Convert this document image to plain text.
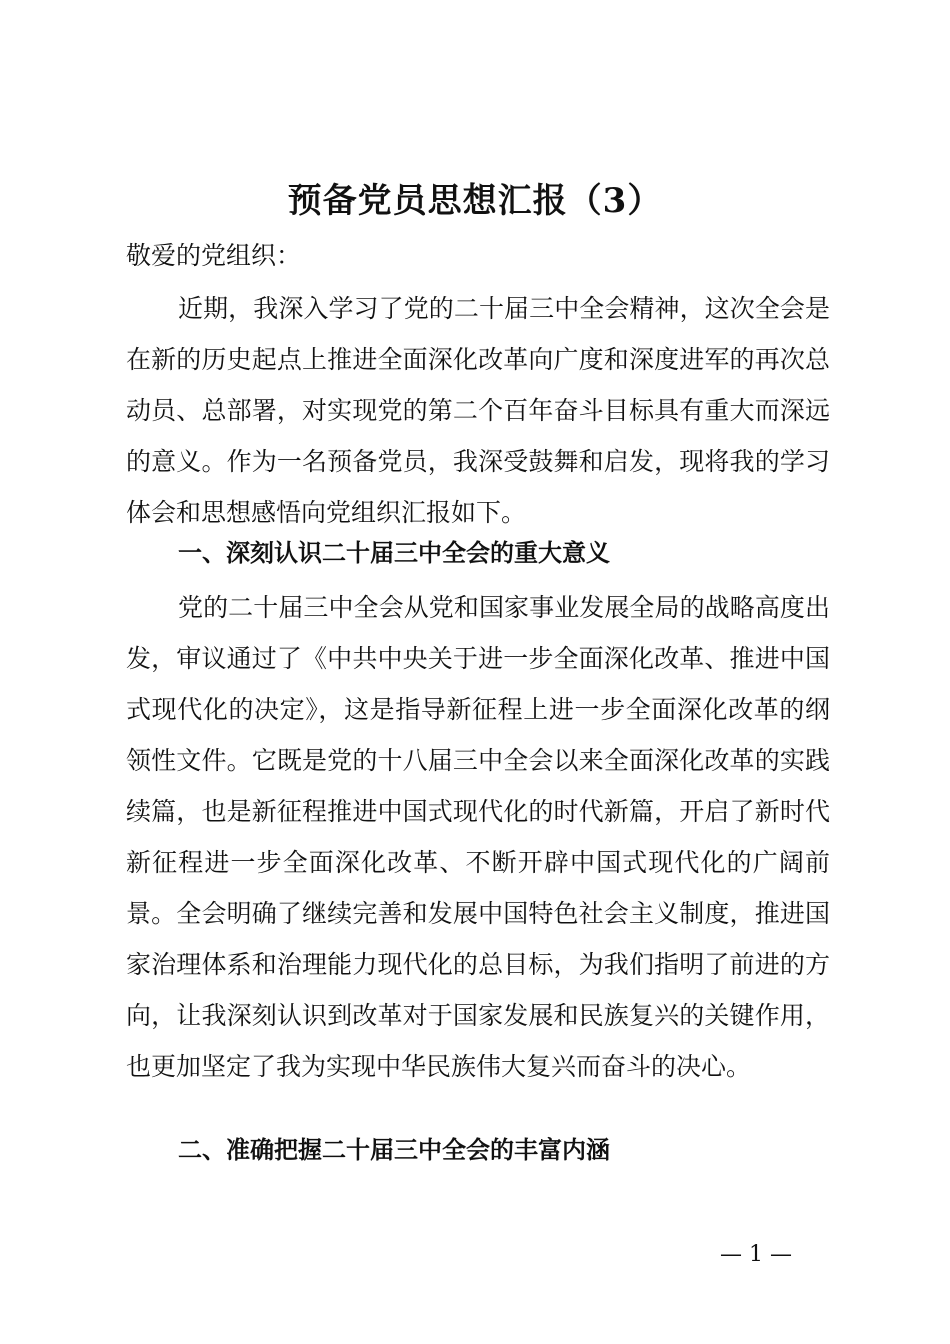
预备党员思想汇报（3）
敬爱的党组织：

近期，我深入学习了党的二十届三中全会精神，这次全会是在新的历史起点上推进全面深化改革向广度和深度进军的再次总动员、总部署，对实现党的第二个百年奋斗目标具有重大而深远的意义。作为一名预备党员，我深受鼓舞和启发，现将我的学习体会和思想感悟向党组织汇报如下。

一、深刻认识二十届三中全会的重大意义

党的二十届三中全会从党和国家事业发展全局的战略高度出发，审议通过了《中共中央关于进一步全面深化改革、推进中国式现代化的决定》，这是指导新征程上进一步全面深化改革的纲领性文件。它既是党的十八届三中全会以来全面深化改革的实践续篇，也是新征程推进中国式现代化的时代新篇，开启了新时代新征程进一步全面深化改革、不断开辟中国式现代化的广阔前景。全会明确了继续完善和发展中国特色社会主义制度，推进国家治理体系和治理能力现代化的总目标，为我们指明了前进的方向，让我深刻认识到改革对于国家发展和民族复兴的关键作用，也更加坚定了我为实现中华民族伟大复兴而奋斗的决心。

二、准确把握二十届三中全会的丰富内涵
— 1 —
